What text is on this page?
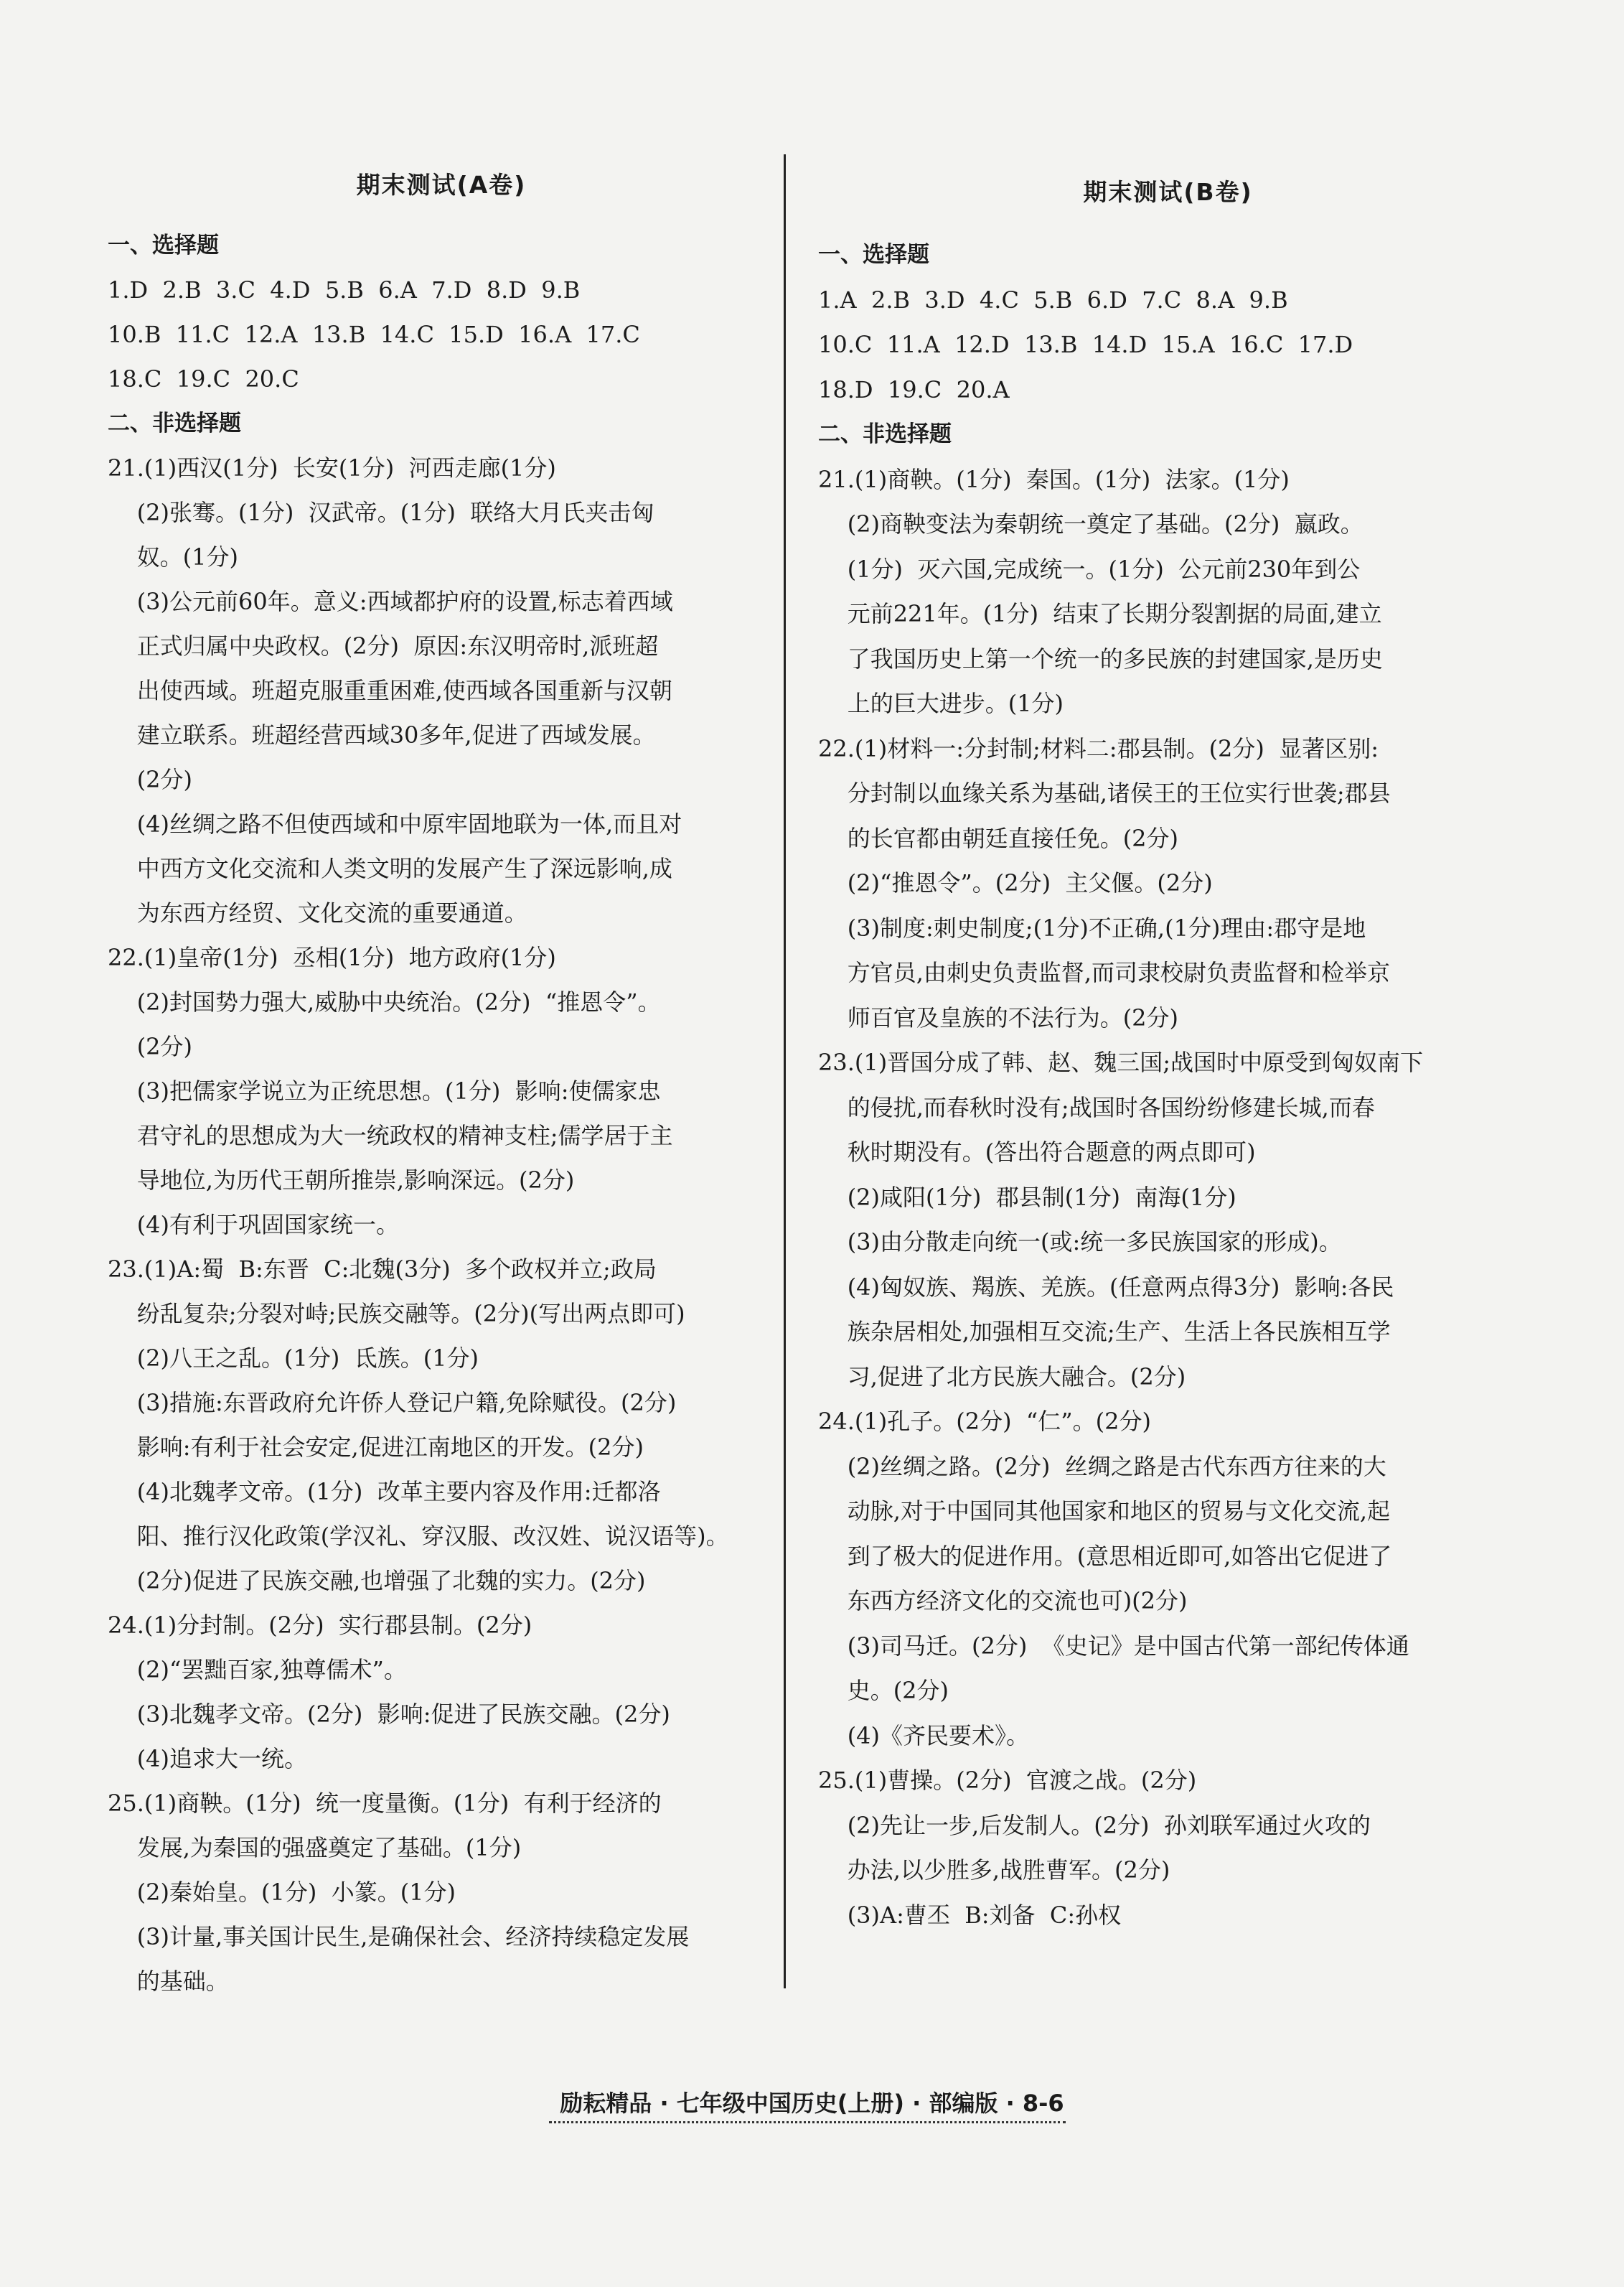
期末测试(A卷)
一、选择题
1.D  2.B  3.C  4.D  5.B  6.A  7.D  8.D  9.B
10.B  11.C  12.A  13.B  14.C  15.D  16.A  17.C
18.C  19.C  20.C
二、非选择题
21.(1)西汉(1分)  长安(1分)  河西走廊(1分)
(2)张骞。(1分)  汉武帝。(1分)  联络大月氏夹击匈
奴。(1分)
(3)公元前60年。意义:西域都护府的设置,标志着西域
正式归属中央政权。(2分)  原因:东汉明帝时,派班超
出使西域。班超克服重重困难,使西域各国重新与汉朝
建立联系。班超经营西域30多年,促进了西域发展。
(2分)
(4)丝绸之路不但使西域和中原牢固地联为一体,而且对
中西方文化交流和人类文明的发展产生了深远影响,成
为东西方经贸、文化交流的重要通道。
22.(1)皇帝(1分)  丞相(1分)  地方政府(1分)
(2)封国势力强大,威胁中央统治。(2分)  “推恩令”。
(2分)
(3)把儒家学说立为正统思想。(1分)  影响:使儒家忠
君守礼的思想成为大一统政权的精神支柱;儒学居于主
导地位,为历代王朝所推崇,影响深远。(2分)
(4)有利于巩固国家统一。
23.(1)A:蜀  B:东晋  C:北魏(3分)  多个政权并立;政局
纷乱复杂;分裂对峙;民族交融等。(2分)(写出两点即可)
(2)八王之乱。(1分)  氐族。(1分)
(3)措施:东晋政府允许侨人登记户籍,免除赋役。(2分)
影响:有利于社会安定,促进江南地区的开发。(2分)
(4)北魏孝文帝。(1分)  改革主要内容及作用:迁都洛
阳、推行汉化政策(学汉礼、穿汉服、改汉姓、说汉语等)。
(2分)促进了民族交融,也增强了北魏的实力。(2分)
24.(1)分封制。(2分)  实行郡县制。(2分)
(2)“罢黜百家,独尊儒术”。
(3)北魏孝文帝。(2分)  影响:促进了民族交融。(2分)
(4)追求大一统。
25.(1)商鞅。(1分)  统一度量衡。(1分)  有利于经济的
发展,为秦国的强盛奠定了基础。(1分)
(2)秦始皇。(1分)  小篆。(1分)
(3)计量,事关国计民生,是确保社会、经济持续稳定发展
的基础。
期末测试(B卷)
一、选择题
1.A  2.B  3.D  4.C  5.B  6.D  7.C  8.A  9.B
10.C  11.A  12.D  13.B  14.D  15.A  16.C  17.D
18.D  19.C  20.A
二、非选择题
21.(1)商鞅。(1分)  秦国。(1分)  法家。(1分)
(2)商鞅变法为秦朝统一奠定了基础。(2分)  嬴政。
(1分)  灭六国,完成统一。(1分)  公元前230年到公
元前221年。(1分)  结束了长期分裂割据的局面,建立
了我国历史上第一个统一的多民族的封建国家,是历史
上的巨大进步。(1分)
22.(1)材料一:分封制;材料二:郡县制。(2分)  显著区别:
分封制以血缘关系为基础,诸侯王的王位实行世袭;郡县
的长官都由朝廷直接任免。(2分)
(2)“推恩令”。(2分)  主父偃。(2分)
(3)制度:刺史制度;(1分)不正确,(1分)理由:郡守是地
方官员,由刺史负责监督,而司隶校尉负责监督和检举京
师百官及皇族的不法行为。(2分)
23.(1)晋国分成了韩、赵、魏三国;战国时中原受到匈奴南下
的侵扰,而春秋时没有;战国时各国纷纷修建长城,而春
秋时期没有。(答出符合题意的两点即可)
(2)咸阳(1分)  郡县制(1分)  南海(1分)
(3)由分散走向统一(或:统一多民族国家的形成)。
(4)匈奴族、羯族、羌族。(任意两点得3分)  影响:各民
族杂居相处,加强相互交流;生产、生活上各民族相互学
习,促进了北方民族大融合。(2分)
24.(1)孔子。(2分)  “仁”。(2分)
(2)丝绸之路。(2分)  丝绸之路是古代东西方往来的大
动脉,对于中国同其他国家和地区的贸易与文化交流,起
到了极大的促进作用。(意思相近即可,如答出它促进了
东西方经济文化的交流也可)(2分)
(3)司马迁。(2分)  《史记》是中国古代第一部纪传体通
史。(2分)
(4)《齐民要术》。
25.(1)曹操。(2分)  官渡之战。(2分)
(2)先让一步,后发制人。(2分)  孙刘联军通过火攻的
办法,以少胜多,战胜曹军。(2分)
(3)A:曹丕  B:刘备  C:孙权
励耘精品 · 七年级中国历史(上册) · 部编版 · 8-6
